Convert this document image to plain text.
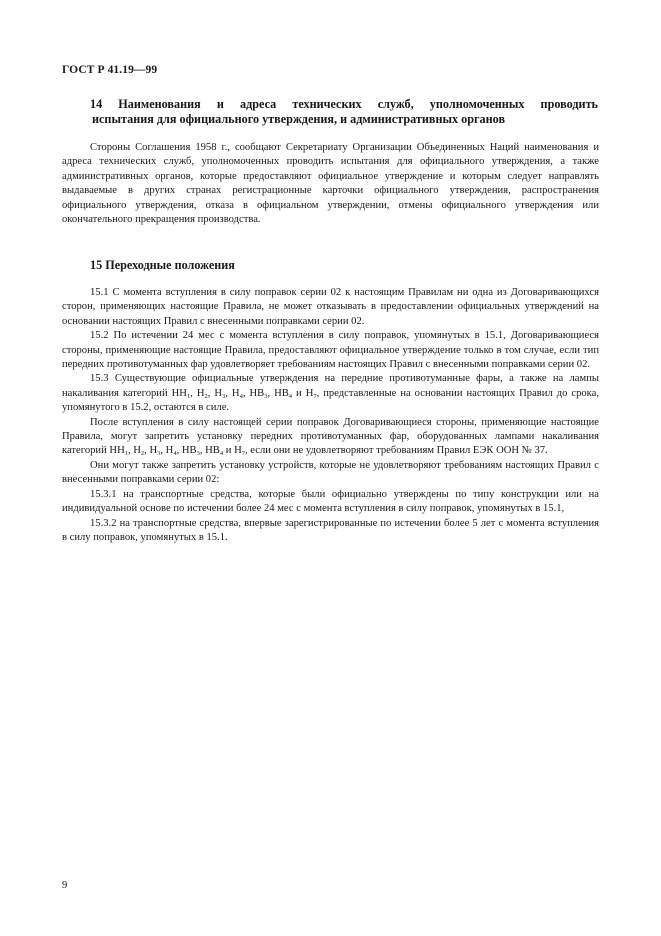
ГОСТ Р 41.19—99
14 Наименования и адреса технических служб, уполномоченных проводить
испытания для официального утверждения, и административных органов

Стороны Соглашения 1958 г., сообщают Секретариату Организации Объединенных Наций наименования и адреса технических служб, уполномоченных проводить испытания для официального утверждения, а также административных органов, которые предоставляют официальное утверждение и которым следует направлять выдаваемые в других странах регистрационные карточки официального утверждения, распространения официального утверждения, отказа в официальном утверждении, отмены официального утверждения или окончательного прекращения производства.

15 Переходные положения

15.1 С момента вступления в силу поправок серии 02 к настоящим Правилам ни одна из Договаривающихся сторон, применяющих настоящие Правила, не может отказывать в предоставлении официальных утверждений на основании настоящих Правил с внесенными поправками серии 02.

15.2 По истечении 24 мес с момента вступления в силу поправок, упомянутых в 15.1, Договаривающиеся стороны, применяющие настоящие Правила, предоставляют официальное утверждение только в том случае, если тип передних противотуманных фар удовлетворяет требованиям настоящих Правил с внесенными поправками серии 02.

15.3 Существующие официальные утверждения на передние противотуманные фары, а также на лампы накаливания категорий $HH_1$, $H_2$, $H_3$, $H_4$, $HB_3$, $HB_4$ и $H_7$, представленные на основании настоящих Правил до срока, упомянутого в 15.2, остаются в силе.

После вступления в силу настоящей серии поправок Договаривающиеся стороны, применяющие настоящие Правила, могут запретить установку передних противотуманных фар, оборудованных лампами накаливания категорий $HH_1$, $H_2$, $H_3$, $H_4$, $HB_3$, $HB_4$ и $H_7$, если они не удовлетворяют требованиям Правил ЕЭК ООН № 37.

Они могут также запретить установку устройств, которые не удовлетворяют требованиям настоящих Правил с внесенными поправками серии 02:

15.3.1 на транспортные средства, которые были официально утверждены по типу конструкции или на индивидуальной основе по истечении более 24 мес с момента вступления в силу поправок, упомянутых в 15.1,

15.3.2 на транспортные средства, впервые зарегистрированные по истечении более 5 лет с момента вступления в силу поправок, упомянутых в 15.1.

9
